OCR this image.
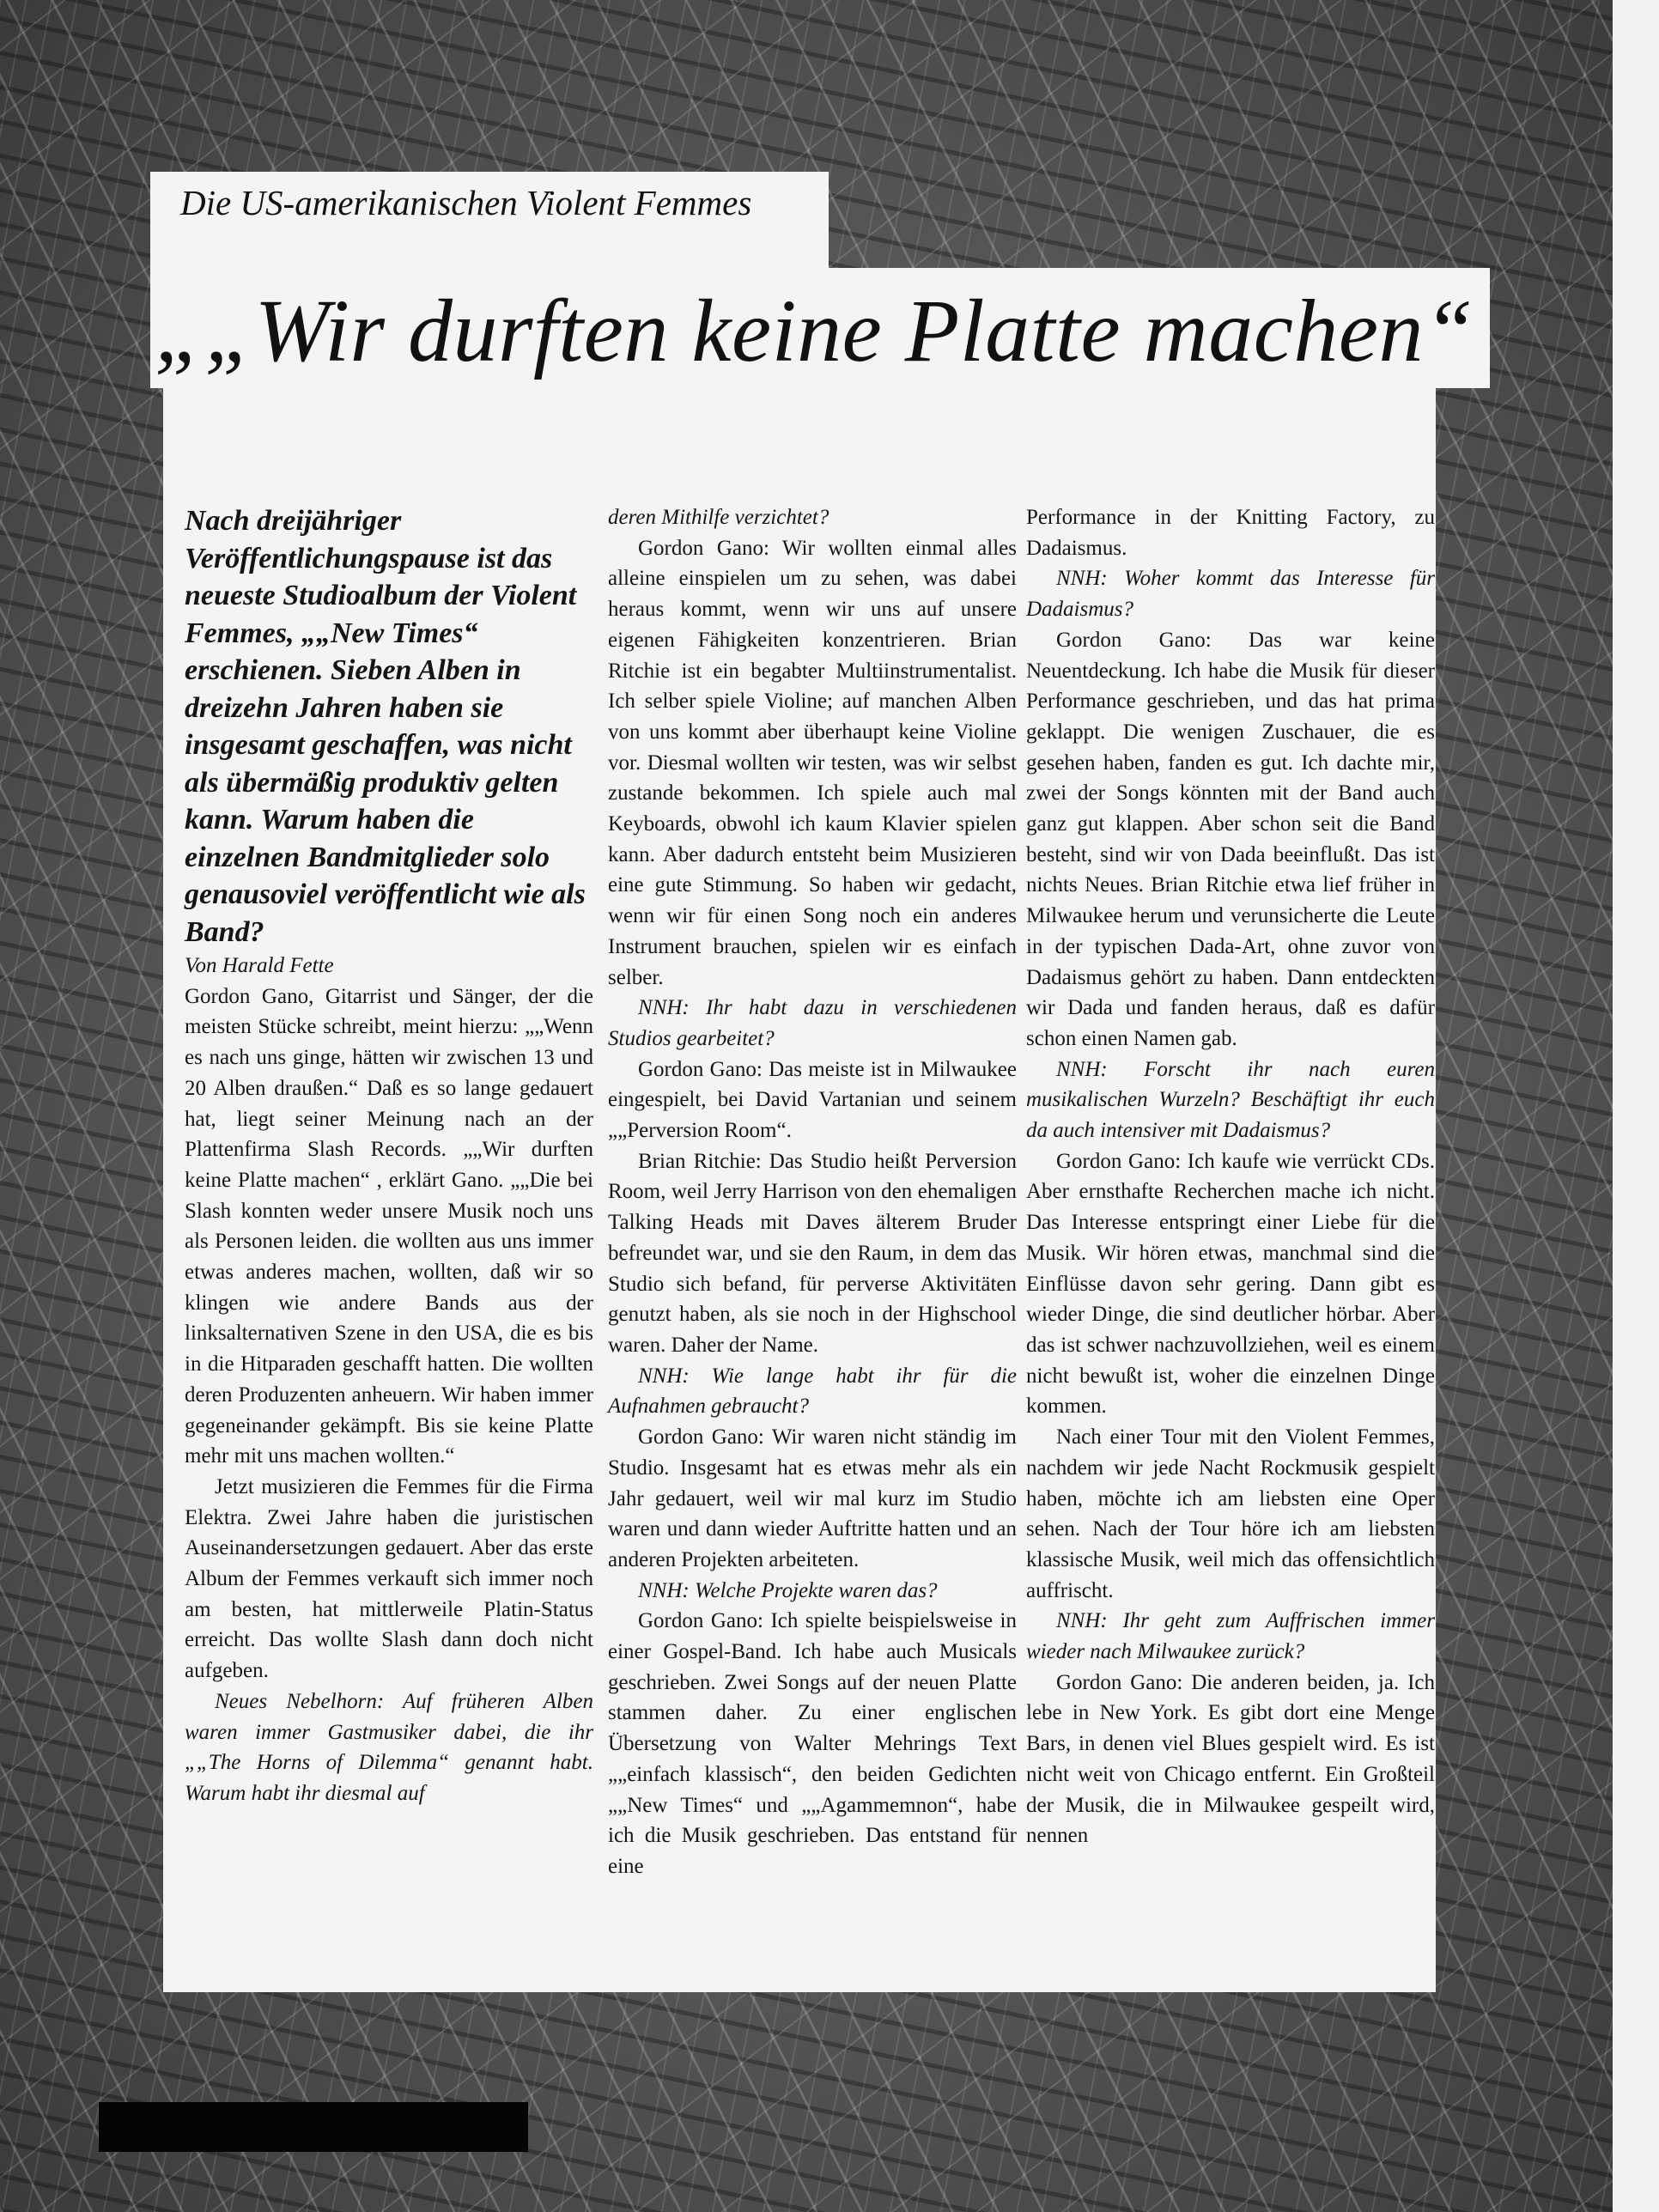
Die US-amerikanischen Violent Femmes

„„Wir durften keine Platte machen“

Nach dreijähriger Veröffentlichungspause ist das neueste Studioalbum der Violent Femmes, „„New Times“ erschienen. Sieben Alben in dreizehn Jahren haben sie insgesamt geschaffen, was nicht als übermäßig produktiv gelten kann. Warum haben die einzelnen Bandmitglieder solo genausoviel veröffentlicht wie als Band?

Von Harald Fette

Gordon Gano, Gitarrist und Sänger, der die meisten Stücke schreibt, meint hierzu: „„Wenn es nach uns ginge, hätten wir zwischen 13 und 20 Alben draußen.“ Daß es so lange gedauert hat, liegt seiner Meinung nach an der Plattenfirma Slash Records. „„Wir durften keine Platte machen“ , erklärt Gano. „„Die bei Slash konnten weder unsere Musik noch uns als Personen leiden. die wollten aus uns immer etwas anderes machen, wollten, daß wir so klingen wie andere Bands aus der linksalternativen Szene in den USA, die es bis in die Hitparaden geschafft hatten. Die wollten deren Produzenten anheuern. Wir haben immer gegeneinander gekämpft. Bis sie keine Platte mehr mit uns machen wollten.“

Jetzt musizieren die Femmes für die Firma Elektra. Zwei Jahre haben die juristischen Auseinandersetzungen gedauert. Aber das erste Album der Femmes verkauft sich immer noch am besten, hat mittlerweile Platin-Status erreicht. Das wollte Slash dann doch nicht aufgeben.

Neues Nebelhorn: Auf früheren Alben waren immer Gastmusiker dabei, die ihr „„The Horns of Dilemma“ genannt habt. Warum habt ihr diesmal auf

deren Mithilfe verzichtet?

Gordon Gano: Wir wollten einmal alles alleine einspielen um zu sehen, was dabei heraus kommt, wenn wir uns auf unsere eigenen Fähigkeiten konzentrieren. Brian Ritchie ist ein begabter Multiinstrumentalist. Ich selber spiele Violine; auf manchen Alben von uns kommt aber überhaupt keine Violine vor. Diesmal wollten wir testen, was wir selbst zustande bekommen. Ich spiele auch mal Keyboards, obwohl ich kaum Klavier spielen kann. Aber dadurch entsteht beim Musizieren eine gute Stimmung. So haben wir gedacht, wenn wir für einen Song noch ein anderes Instrument brauchen, spielen wir es einfach selber.

NNH: Ihr habt dazu in verschiedenen Studios gearbeitet?

Gordon Gano: Das meiste ist in Milwaukee eingespielt, bei David Vartanian und seinem „„Perversion Room“.

Brian Ritchie: Das Studio heißt Perversion Room, weil Jerry Harrison von den ehemaligen Talking Heads mit Daves älterem Bruder befreundet war, und sie den Raum, in dem das Studio sich befand, für perverse Aktivitäten genutzt haben, als sie noch in der Highschool waren. Daher der Name.

NNH: Wie lange habt ihr für die Aufnahmen gebraucht?

Gordon Gano: Wir waren nicht ständig im Studio. Insgesamt hat es etwas mehr als ein Jahr gedauert, weil wir mal kurz im Studio waren und dann wieder Auftritte hatten und an anderen Projekten arbeiteten.

NNH: Welche Projekte waren das?

Gordon Gano: Ich spielte beispielsweise in einer Gospel-Band. Ich habe auch Musicals geschrieben. Zwei Songs auf der neuen Platte stammen daher. Zu einer englischen Übersetzung von Walter Mehrings Text „„einfach klassisch“, den beiden Gedichten „„New Times“ und „„Agammemnon“, habe ich die Musik geschrieben. Das entstand für eine

Performance in der Knitting Factory, zu Dadaismus.

NNH: Woher kommt das Interesse für Dadaismus?

Gordon Gano: Das war keine Neuentdeckung. Ich habe die Musik für dieser Performance geschrieben, und das hat prima geklappt. Die wenigen Zuschauer, die es gesehen haben, fanden es gut. Ich dachte mir, zwei der Songs könnten mit der Band auch ganz gut klappen. Aber schon seit die Band besteht, sind wir von Dada beeinflußt. Das ist nichts Neues. Brian Ritchie etwa lief früher in Milwaukee herum und verunsicherte die Leute in der typischen Dada-Art, ohne zuvor von Dadaismus gehört zu haben. Dann entdeckten wir Dada und fanden heraus, daß es dafür schon einen Namen gab.

NNH: Forscht ihr nach euren musikalischen Wurzeln? Beschäftigt ihr euch da auch intensiver mit Dadaismus?

Gordon Gano: Ich kaufe wie verrückt CDs. Aber ernsthafte Recherchen mache ich nicht. Das Interesse entspringt einer Liebe für die Musik. Wir hören etwas, manchmal sind die Einflüsse davon sehr gering. Dann gibt es wieder Dinge, die sind deutlicher hörbar. Aber das ist schwer nachzuvollziehen, weil es einem nicht bewußt ist, woher die einzelnen Dinge kommen.

Nach einer Tour mit den Violent Femmes, nachdem wir jede Nacht Rockmusik gespielt haben, möchte ich am liebsten eine Oper sehen. Nach der Tour höre ich am liebsten klassische Musik, weil mich das offensichtlich auffrischt.

NNH: Ihr geht zum Auffrischen immer wieder nach Milwaukee zurück?

Gordon Gano: Die anderen beiden, ja. Ich lebe in New York. Es gibt dort eine Menge Bars, in denen viel Blues gespielt wird. Es ist nicht weit von Chicago entfernt. Ein Großteil der Musik, die in Milwaukee gespeilt wird, nennen
